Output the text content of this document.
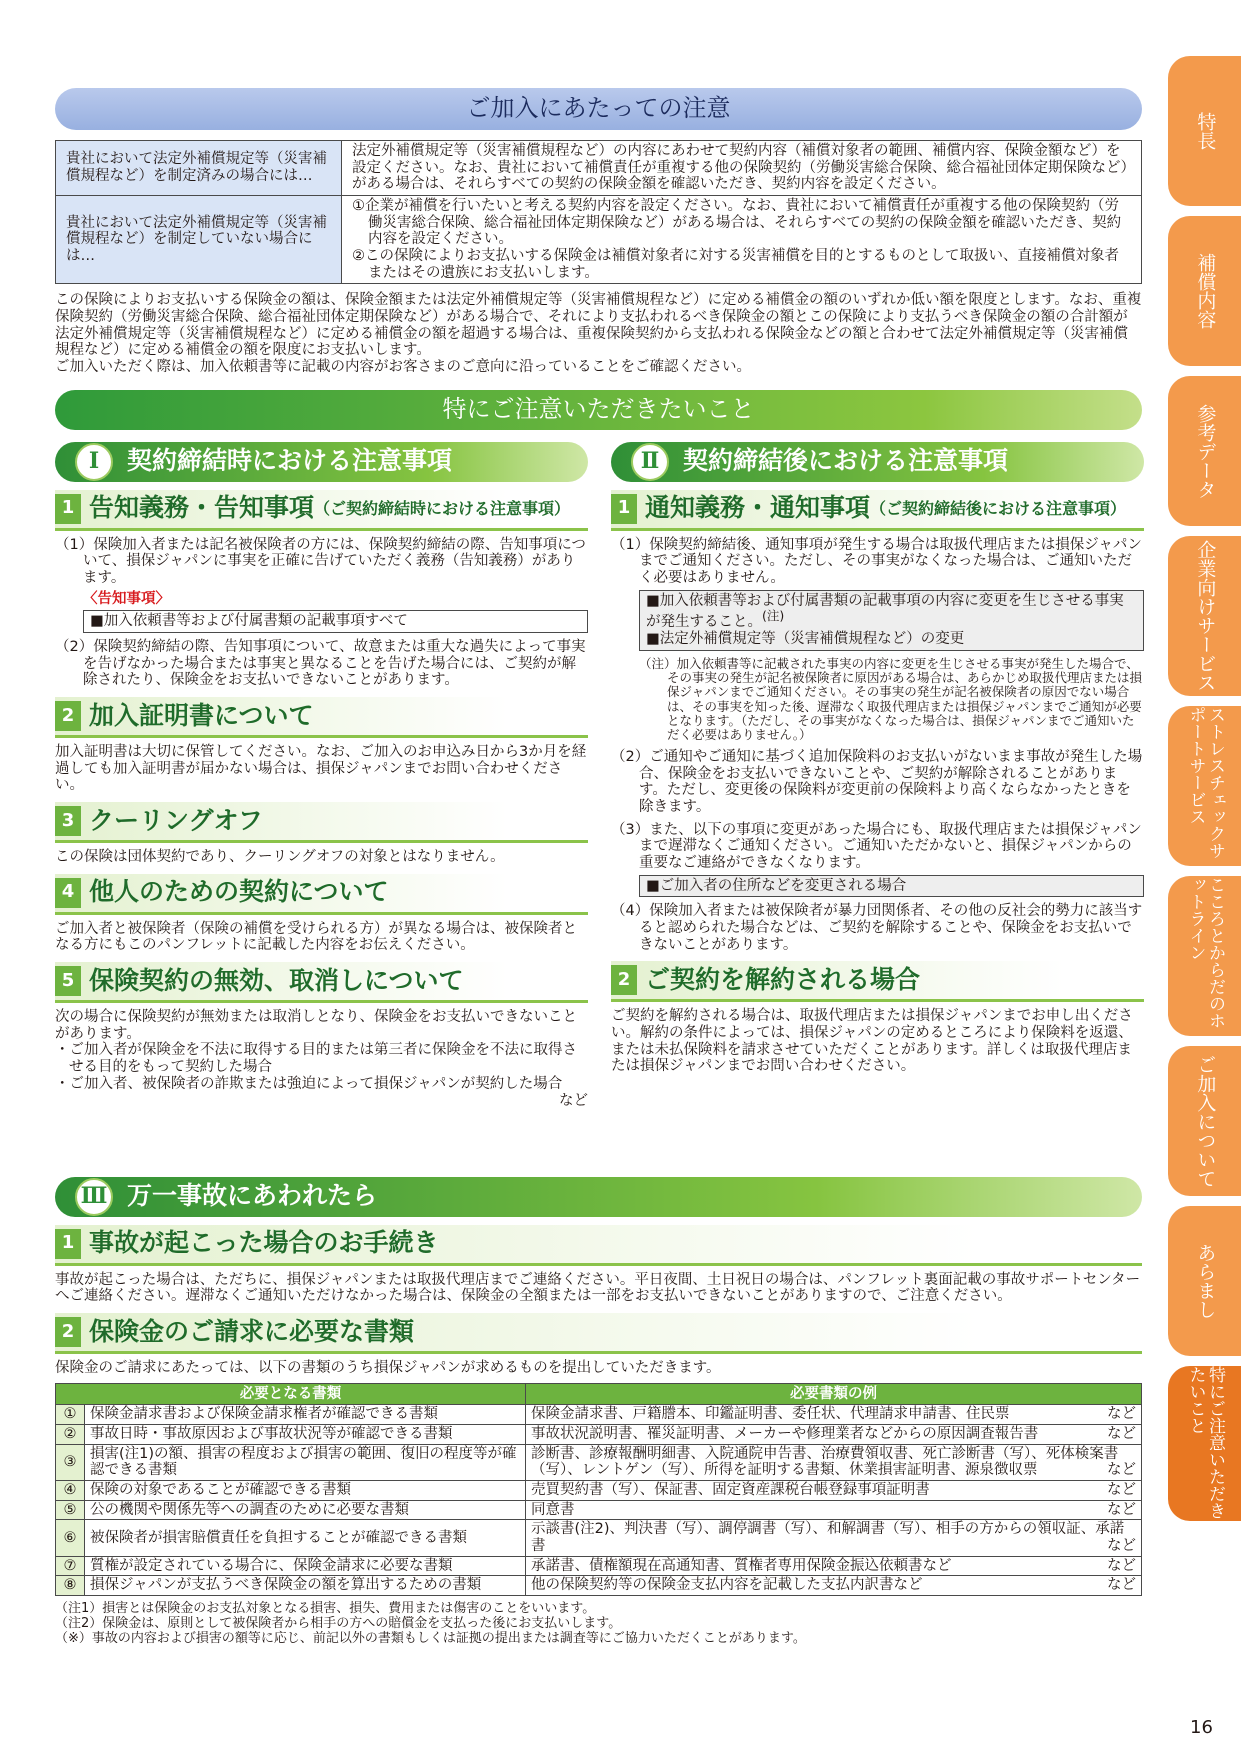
ご加入にあたっての注意
貴社において法定外補償規定等（災害補償規程など）を制定済みの場合には…	法定外補償規定等（災害補償規程など）の内容にあわせて契約内容（補償対象者の範囲、補償内容、保険金額など）を設定ください。なお、貴社において補償責任が重複する他の保険契約（労働災害総合保険、総合福祉団体定期保険など）がある場合は、それらすべての契約の保険金額を確認いただき、契約内容を設定ください。
貴社において法定外補償規定等（災害補償規程など）を制定していない場合には…	①企業が補償を行いたいと考える契約内容を設定ください。なお、貴社において補償責任が重複する他の保険契約（労働災害総合保険、総合福祉団体定期保険など）がある場合は、それらすべての契約の保険金額を確認いただき、契約内容を設定ください。
②この保険によりお支払いする保険金は補償対象者に対する災害補償を目的とするものとして取扱い、直接補償対象者またはその遺族にお支払いします。

この保険によりお支払いする保険金の額は、保険金額または法定外補償規定等（災害補償規程など）に定める補償金の額のいずれか低い額を限度とします。なお、重複保険契約（労働災害総合保険、総合福祉団体定期保険など）がある場合で、それにより支払われるべき保険金の額とこの保険により支払うべき保険金の額の合計額が法定外補償規定等（災害補償規程など）に定める補償金の額を超過する場合は、重複保険契約から支払われる保険金などの額と合わせて法定外補償規定等（災害補償規程など）に定める補償金の額を限度にお支払いします。

ご加入いただく際は、加入依頼書等に記載の内容がお客さまのご意向に沿っていることをご確認ください。

特にご注意いただきたいこと
Ⅰ	契約締結時における注意事項
1 告知義務・告知事項 （ご契約締結時における注意事項）
（1）保険加入者または記名被保険者の方には、保険契約締結の際、告知事項について、損保ジャパンに事実を正確に告げていただく義務（告知義務）があります。
〈告知事項〉
■加入依頼書等および付属書類の記載事項すべて
（2）保険契約締結の際、告知事項について、故意または重大な過失によって事実を告げなかった場合または事実と異なることを告げた場合には、ご契約が解除されたり、保険金をお支払いできないことがあります。
2 加入証明書について
加入証明書は大切に保管してください。なお、ご加入のお申込み日から3か月を経過しても加入証明書が届かない場合は、損保ジャパンまでお問い合わせください。
3 クーリングオフ
この保険は団体契約であり、クーリングオフの対象とはなりません。
4 他人のための契約について
ご加入者と被保険者（保険の補償を受けられる方）が異なる場合は、被保険者となる方にもこのパンフレットに記載した内容をお伝えください。
5 保険契約の無効、取消しについて
次の場合に保険契約が無効または取消しとなり、保険金をお支払いできないことがあります。
・ご加入者が保険金を不法に取得する目的または第三者に保険金を不法に取得させる目的をもって契約した場合
・ご加入者、被保険者の詐欺または強迫によって損保ジャパンが契約した場合
など
Ⅱ 契約締結後における注意事項
1 通知義務・通知事項 （ご契約締結後における注意事項）
（1）保険契約締結後、通知事項が発生する場合は取扱代理店または損保ジャパンまでご通知ください。ただし、その事実がなくなった場合は、ご通知いただく必要はありません。
■加入依頼書等および付属書類の記載事項の内容に変更を生じさせる事実が発生すること。$^{(注)}$
■法定外補償規定等（災害補償規程など）の変更
（注）加入依頼書等に記載された事実の内容に変更を生じさせる事実が発生した場合で、その事実の発生が記名被保険者に原因がある場合は、あらかじめ取扱代理店または損保ジャパンまでご通知ください。その事実の発生が記名被保険者の原因でない場合は、その事実を知った後、遅滞なく取扱代理店または損保ジャパンまでご通知が必要となります。（ただし、その事実がなくなった場合は、損保ジャパンまでご通知いただく必要はありません。）
（2）ご通知やご通知に基づく追加保険料のお支払いがないまま事故が発生した場合、保険金をお支払いできないことや、ご契約が解除されることがあります。ただし、変更後の保険料が変更前の保険料より高くならなかったときを除きます。
（3）また、以下の事項に変更があった場合にも、取扱代理店または損保ジャパンまで遅滞なくご通知ください。ご通知いただかないと、損保ジャパンからの重要なご連絡ができなくなります。
■ご加入者の住所などを変更される場合
（4）保険加入者または被保険者が暴力団関係者、その他の反社会的勢力に該当すると認められた場合などは、ご契約を解除することや、保険金をお支払いできないことがあります。
2 ご契約を解約される場合
ご契約を解約される場合は、取扱代理店または損保ジャパンまでお申し出ください。解約の条件によっては、損保ジャパンの定めるところにより保険料を返還、または未払保険料を請求させていただくことがあります。詳しくは取扱代理店または損保ジャパンまでお問い合わせください。
Ⅲ 万一事故にあわれたら
1 事故が起こった場合のお手続き
事故が起こった場合は、ただちに、損保ジャパンまたは取扱代理店までご連絡ください。平日夜間、土日祝日の場合は、パンフレット裏面記載の事故サポートセンターへご連絡ください。遅滞なくご通知いただけなかった場合は、保険金の全額または一部をお支払いできないことがありますので、ご注意ください。
2 保険金のご請求に必要な書類
保険金のご請求にあたっては、以下の書類のうち損保ジャパンが求めるものを提出していただきます。
必要となる書類		必要書類の例
①	保険金請求書および保険金請求権者が確認できる書類	保険金請求書、戸籍謄本、印鑑証明書、委任状、代理請求申請書、住民票 など

②	事故日時・事故原因および事故状況等が確認できる書類	事故状況説明書、罹災証明書、メーカーや修理業者などからの原因調査報告書 など

③	損害(注1)の額、損害の程度および損害の範囲、復旧の程度等が確認できる書類	診断書、診療報酬明細書、入院通院申告書、治療費領収書、死亡診断書（写）、死体検案書（写）、レントゲン（写）、所得を証明する書類、休業損害証明書、源泉徴収票 など

④	保険の対象であることが確認できる書類	売買契約書（写）、保証書、固定資産課税台帳登録事項証明書 など

⑤	公の機関や関係先等への調査のために必要な書類	同意書 など

⑥	被保険者が損害賠償責任を負担することが確認できる書類	示談書(注2)、判決書（写）、調停調書（写）、和解調書（写）、相手の方からの領収証、承諾書 など

⑦	質権が設定されている場合に、保険金請求に必要な書類	承諾書、債権額現在高通知書、質権者専用保険金振込依頼書など など

⑧	損保ジャパンが支払うべき保険金の額を算出するための書類	他の保険契約等の保険金支払内容を記載した支払内訳書など など

（注1）損害とは保険金のお支払対象となる損害、損失、費用または傷害のことをいいます。

（注2）保険金は、原則として被保険者から相手の方への賠償金を支払った後にお支払いします。

（※）事故の内容および損害の額等に応じ、前記以外の書類もしくは証拠の提出または調査等にご協力いただくことがあります。

特長
補償内容
参考データ
企業向けサービス
ストレスチェックサポートサービス
こころとからだのホットライン
ご加入について
あらまし
特にご注意いただきたいこと
16
